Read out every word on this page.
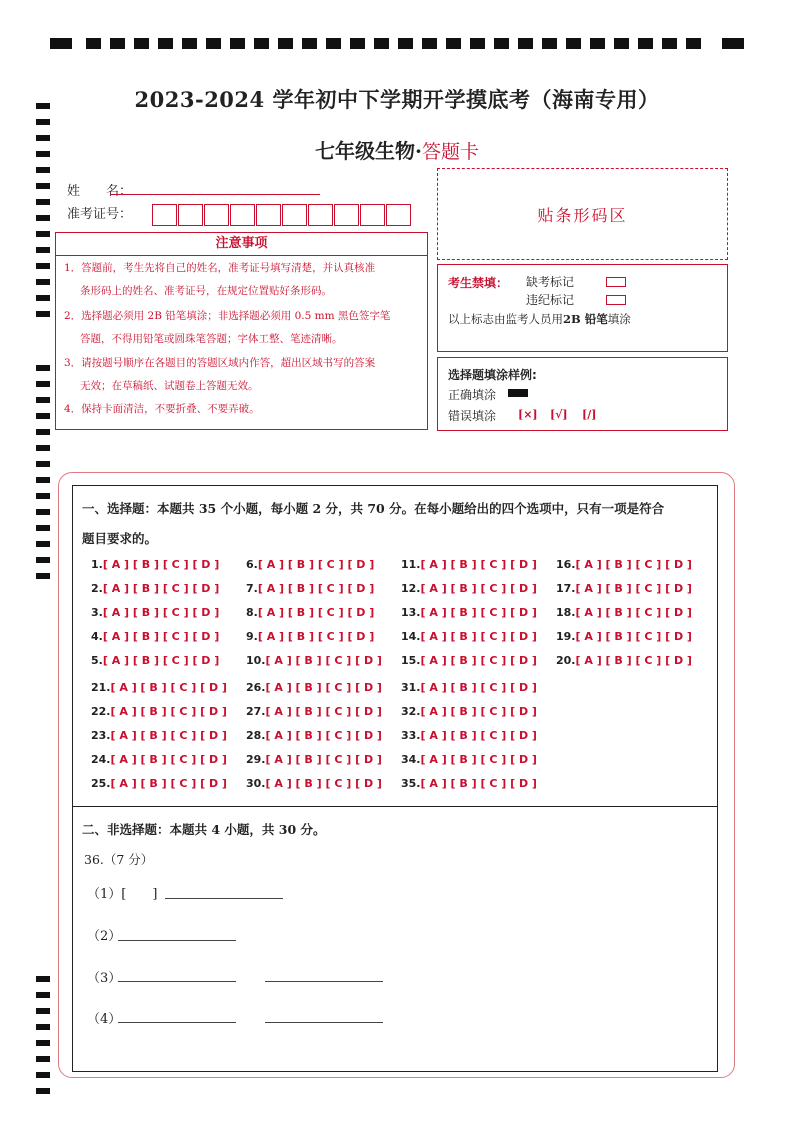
2023-2024 学年初中下学期开学摸底考（海南专用）
七年级生物·答题卡
姓　　名：
准考证号：	贴条形码区
注意事项
1．答题前，考生先将自己的姓名，准考证号填写清楚，并认真核准
条形码上的姓名、准考证号，在规定位置贴好条形码。
2．选择题必须用 2B 铅笔填涂；非选择题必须用 0.5 mm 黑色签字笔
答题，不得用铅笔或圆珠笔答题；字体工整、笔迹清晰。
3．请按题号顺序在各题目的答题区域内作答，超出区域书写的答案
无效；在草稿纸、试题卷上答题无效。
4．保持卡面清洁，不要折叠、不要弄破。
考生禁填： 缺考标记
违纪标记
以上标志由监考人员用2B 铅笔填涂
选择题填涂样例:
正确填涂
错误填涂 [×] [√] [/]
一、选择题：本题共 35 个小题，每小题 2 分，共 70 分。在每小题给出的四个选项中，只有一项是符合
题目要求的。
1.[ A ] [ B ] [ C ] [ D ]
2.[ A ] [ B ] [ C ] [ D ]
3.[ A ] [ B ] [ C ] [ D ]
4.[ A ] [ B ] [ C ] [ D ]
5.[ A ] [ B ] [ C ] [ D ]
6.[ A ] [ B ] [ C ] [ D ]
7.[ A ] [ B ] [ C ] [ D ]
8.[ A ] [ B ] [ C ] [ D ]
9.[ A ] [ B ] [ C ] [ D ]
10.[ A ] [ B ] [ C ] [ D ]
11.[ A ] [ B ] [ C ] [ D ]
12.[ A ] [ B ] [ C ] [ D ]
13.[ A ] [ B ] [ C ] [ D ]
14.[ A ] [ B ] [ C ] [ D ]
15.[ A ] [ B ] [ C ] [ D ]
16.[ A ] [ B ] [ C ] [ D ]
17.[ A ] [ B ] [ C ] [ D ]
18.[ A ] [ B ] [ C ] [ D ]
19.[ A ] [ B ] [ C ] [ D ]
20.[ A ] [ B ] [ C ] [ D ]
21.[ A ] [ B ] [ C ] [ D ]
22.[ A ] [ B ] [ C ] [ D ]
23.[ A ] [ B ] [ C ] [ D ]
24.[ A ] [ B ] [ C ] [ D ]
25.[ A ] [ B ] [ C ] [ D ]
26.[ A ] [ B ] [ C ] [ D ]
27.[ A ] [ B ] [ C ] [ D ]
28.[ A ] [ B ] [ C ] [ D ]
29.[ A ] [ B ] [ C ] [ D ]
30.[ A ] [ B ] [ C ] [ D ]
31.[ A ] [ B ] [ C ] [ D ]
32.[ A ] [ B ] [ C ] [ D ]
33.[ A ] [ B ] [ C ] [ D ]
34.[ A ] [ B ] [ C ] [ D ]
35.[ A ] [ B ] [ C ] [ D ]
二、非选择题：本题共 4 小题，共 30 分。
36.（7 分）
（1）[　　]
（2）
（3）
（4）
